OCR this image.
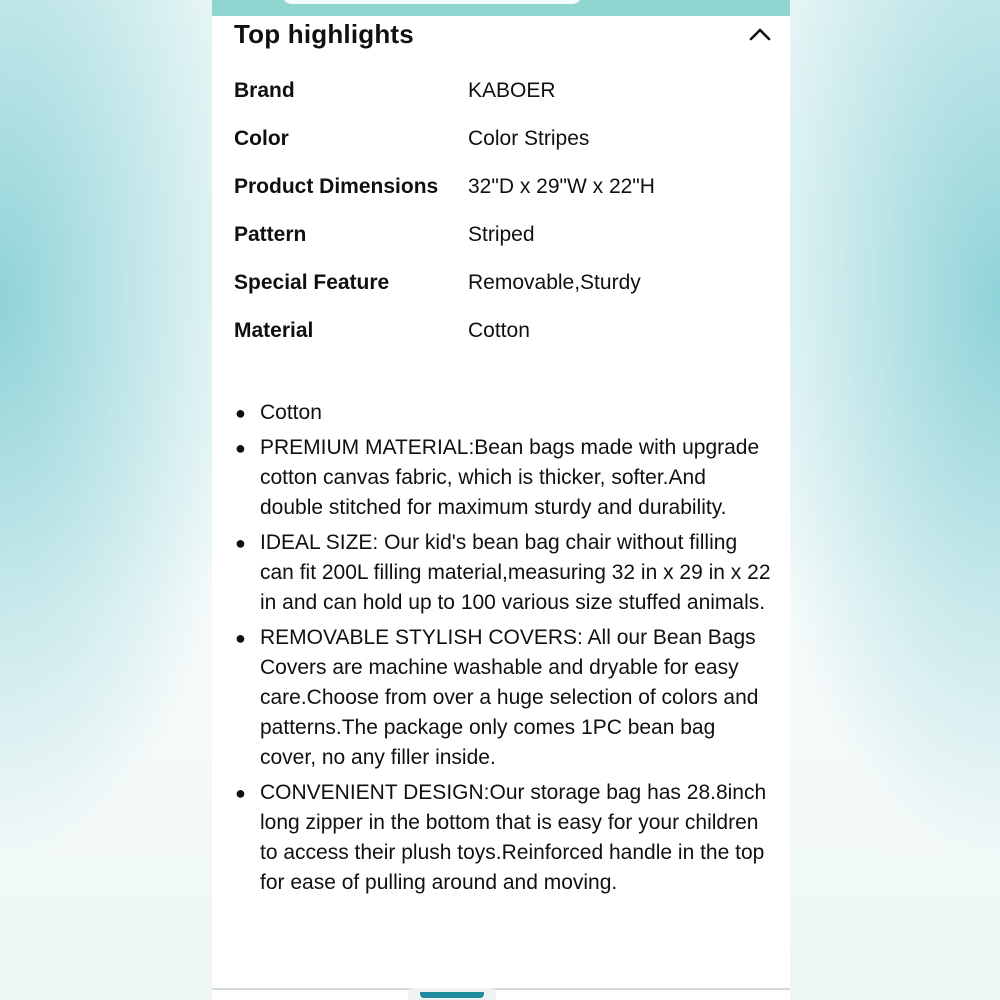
Top highlights
Brand	KABOER
Color	Color Stripes
Product Dimensions	32"D x 29"W x 22"H
Pattern	Striped
Special Feature	Removable,Sturdy
Material	Cotton
● Cotton
● PREMIUM MATERIAL:Bean bags made with upgrade cotton canvas fabric, which is thicker, softer.And double stitched for maximum sturdy and durability.
● IDEAL SIZE: Our kid's bean bag chair without filling can fit 200L filling material,measuring 32 in x 29 in x 22 in and can hold up to 100 various size stuffed animals.
● REMOVABLE STYLISH COVERS: All our Bean Bags Covers are machine washable and dryable for easy care.Choose from over a huge selection of colors and patterns.The package only comes 1PC bean bag cover, no any filler inside.
● CONVENIENT DESIGN:Our storage bag has 28.8inch long zipper in the bottom that is easy for your children to access their plush toys.Reinforced handle in the top for ease of pulling around and moving.
